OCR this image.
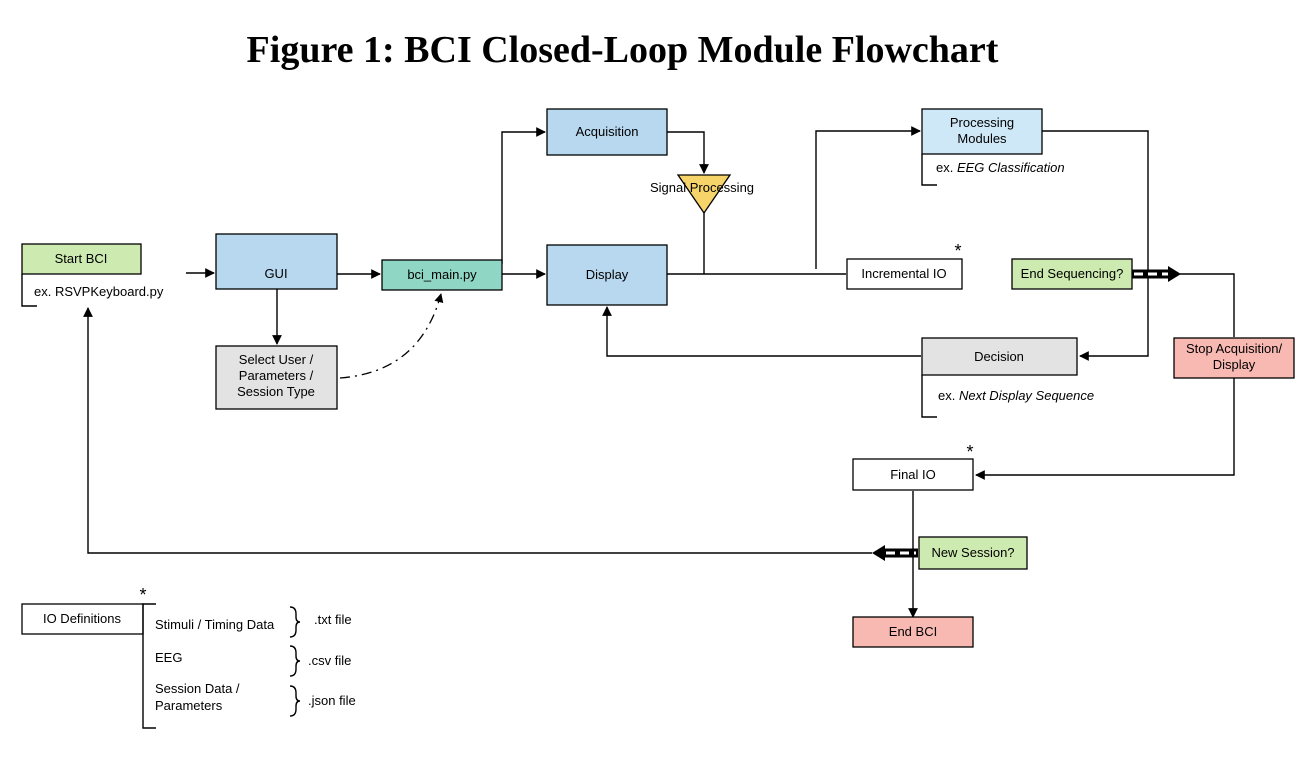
Figure 1: BCI Closed-Loop Module Flowchart
Start BCI
ex. RSVPKeyboard.py
GUI
Select User /
Parameters /
Session Type
bci_main.py
Acquisition
Signal Processing
Display
Processing
Modules
ex. EEG Classification
Incremental IO
*
End Sequencing?
Decision
ex. Next Display Sequence
Stop Acquisition/
Display
Final IO
*
New Session?
End BCI
IO Definitions
*
Stimuli / Timing Data	.txt file
EEG	.csv file
Session Data /
Parameters	.json file
